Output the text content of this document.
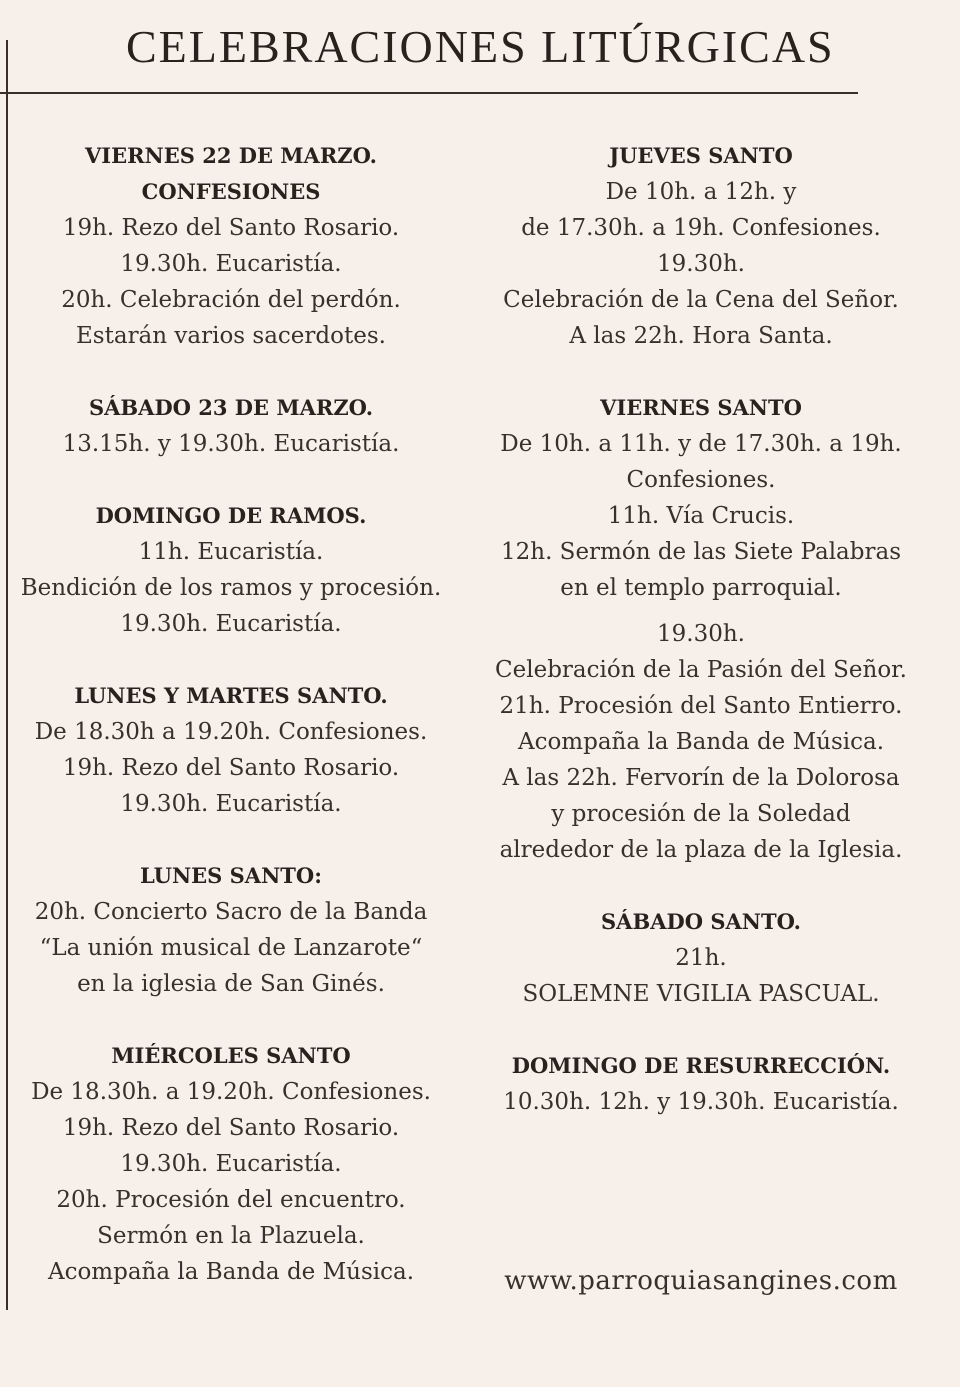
CELEBRACIONES LITÚRGICAS
VIERNES 22 DE MARZO.
CONFESIONES
19h. Rezo del Santo Rosario.
19.30h. Eucaristía.
20h. Celebración del perdón.
Estarán varios sacerdotes.
SÁBADO 23 DE MARZO.
13.15h. y 19.30h. Eucaristía.
DOMINGO DE RAMOS.
11h. Eucaristía.
Bendición de los ramos y procesión.
19.30h. Eucaristía.
LUNES Y MARTES SANTO.
De 18.30h a 19.20h. Confesiones.
19h. Rezo del Santo Rosario.
19.30h. Eucaristía.
LUNES SANTO:
20h. Concierto Sacro de la Banda
“La unión musical de Lanzarote“
en la iglesia de San Ginés.
MIÉRCOLES SANTO
De 18.30h. a 19.20h. Confesiones.
19h. Rezo del Santo Rosario.
19.30h. Eucaristía.
20h. Procesión del encuentro.
Sermón en la Plazuela.
Acompaña la Banda de Música.
JUEVES SANTO
De 10h. a 12h. y
de 17.30h. a 19h. Confesiones.
19.30h.
Celebración de la Cena del Señor.
A las 22h. Hora Santa.
VIERNES SANTO
De 10h. a 11h. y de 17.30h. a 19h.
Confesiones.
11h. Vía Crucis.
12h. Sermón de las Siete Palabras
en el templo parroquial.
19.30h.
Celebración de la Pasión del Señor.
21h. Procesión del Santo Entierro.
Acompaña la Banda de Música.
A las 22h. Fervorín de la Dolorosa
y procesión de la Soledad
alrededor de la plaza de la Iglesia.
SÁBADO SANTO.
21h.
SOLEMNE VIGILIA PASCUAL.
DOMINGO DE RESURRECCIÓN.
10.30h. 12h. y 19.30h. Eucaristía.
www.parroquiasangines.com
